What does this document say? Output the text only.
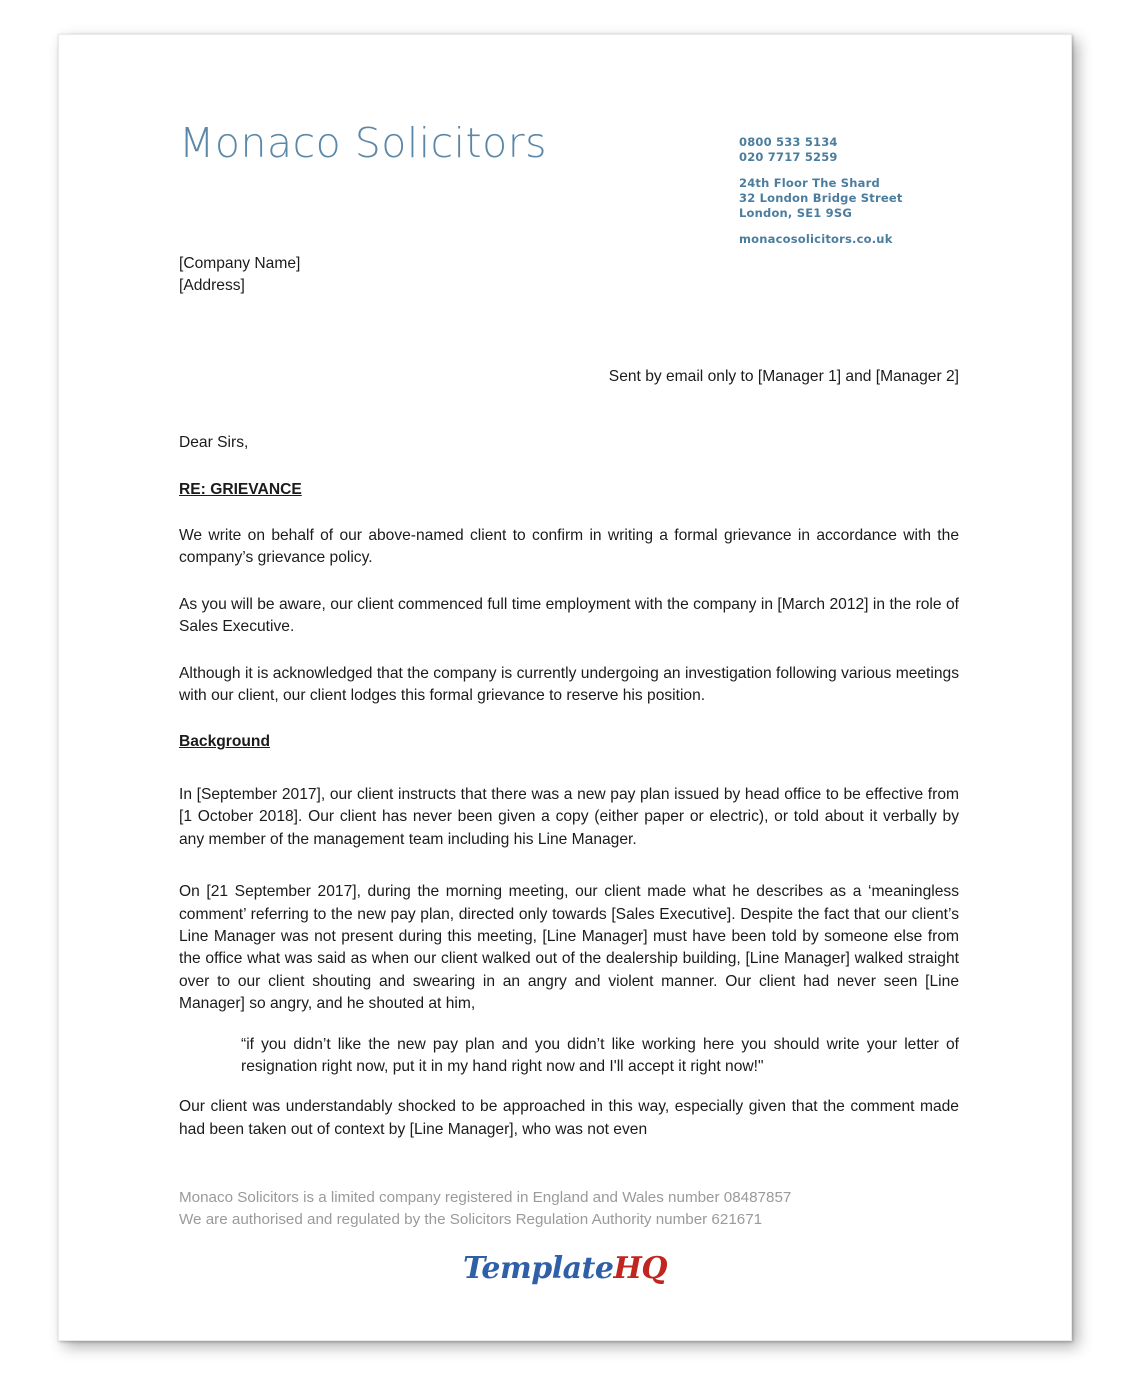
Monaco Solicitors	0800 533 5134
020 7717 5259
24th Floor The Shard
32 London Bridge Street
London, SE1 9SG
monacosolicitors.co.uk

[Company Name]

[Address]

Sent by email only to [Manager 1] and [Manager 2]

Dear Sirs,

RE: GRIEVANCE

We write on behalf of our above-named client to confirm in writing a formal grievance in accordance with the company’s grievance policy.

As you will be aware, our client commenced full time employment with the company in [March 2012] in the role of Sales Executive.

Although it is acknowledged that the company is currently undergoing an investigation following various meetings with our client, our client lodges this formal grievance to reserve his position.

Background

In [September 2017], our client instructs that there was a new pay plan issued by head office to be effective from [1 October 2018]. Our client has never been given a copy (either paper or electric), or told about it verbally by any member of the management team including his Line Manager.

On [21 September 2017], during the morning meeting, our client made what he describes as a ‘meaningless comment’ referring to the new pay plan, directed only towards [Sales Executive]. Despite the fact that our client’s Line Manager was not present during this meeting, [Line Manager] must have been told by someone else from the office what was said as when our client walked out of the dealership building, [Line Manager] walked straight over to our client shouting and swearing in an angry and violent manner. Our client had never seen [Line Manager] so angry, and he shouted at him,

“if you didn’t like the new pay plan and you didn’t like working here you should write your letter of resignation right now, put it in my hand right now and I'll accept it right now!"

Our client was understandably shocked to be approached in this way, especially given that the comment made had been taken out of context by [Line Manager], who was not even

Monaco Solicitors is a limited company registered in England and Wales number 08487857

We are authorised and regulated by the Solicitors Regulation Authority number 621671

TemplateHQ
